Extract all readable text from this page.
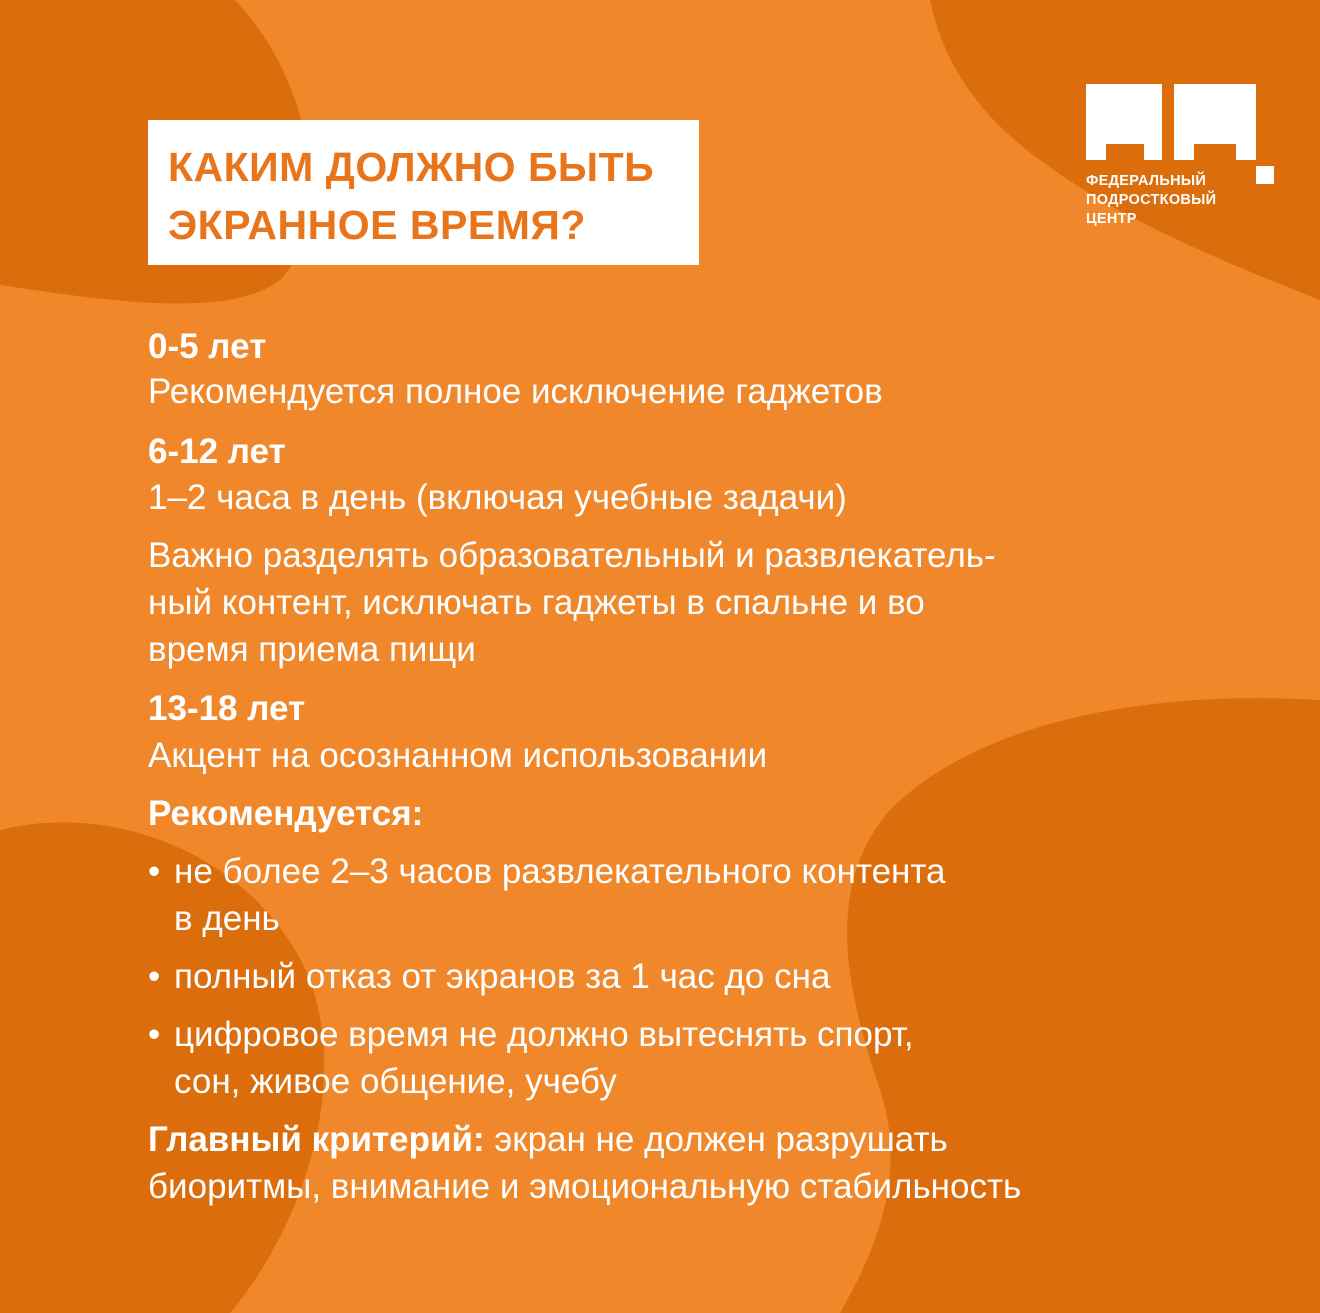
КАКИМ ДОЛЖНО БЫТЬ
ЭКРАННОЕ ВРЕМЯ?
ФЕДЕРАЛЬНЫЙ
ПОДРОСТКОВЫЙ
ЦЕНТР
0-5 лет
Рекомендуется полное исключение гаджетов
6-12 лет
1–2 часа в день (включая учебные задачи)
Важно разделять образовательный и развлекатель-
ный контент, исключать гаджеты в спальне и во
время приема пищи
13-18 лет
Акцент на осознанном использовании
Рекомендуется:
• не более 2–3 часов развлекательного контента
в день
• полный отказ от экранов за 1 час до сна
• цифровое время не должно вытеснять спорт,
сон, живое общение, учебу
Главный критерий: экран не должен разрушать
биоритмы, внимание и эмоциональную стабильность
